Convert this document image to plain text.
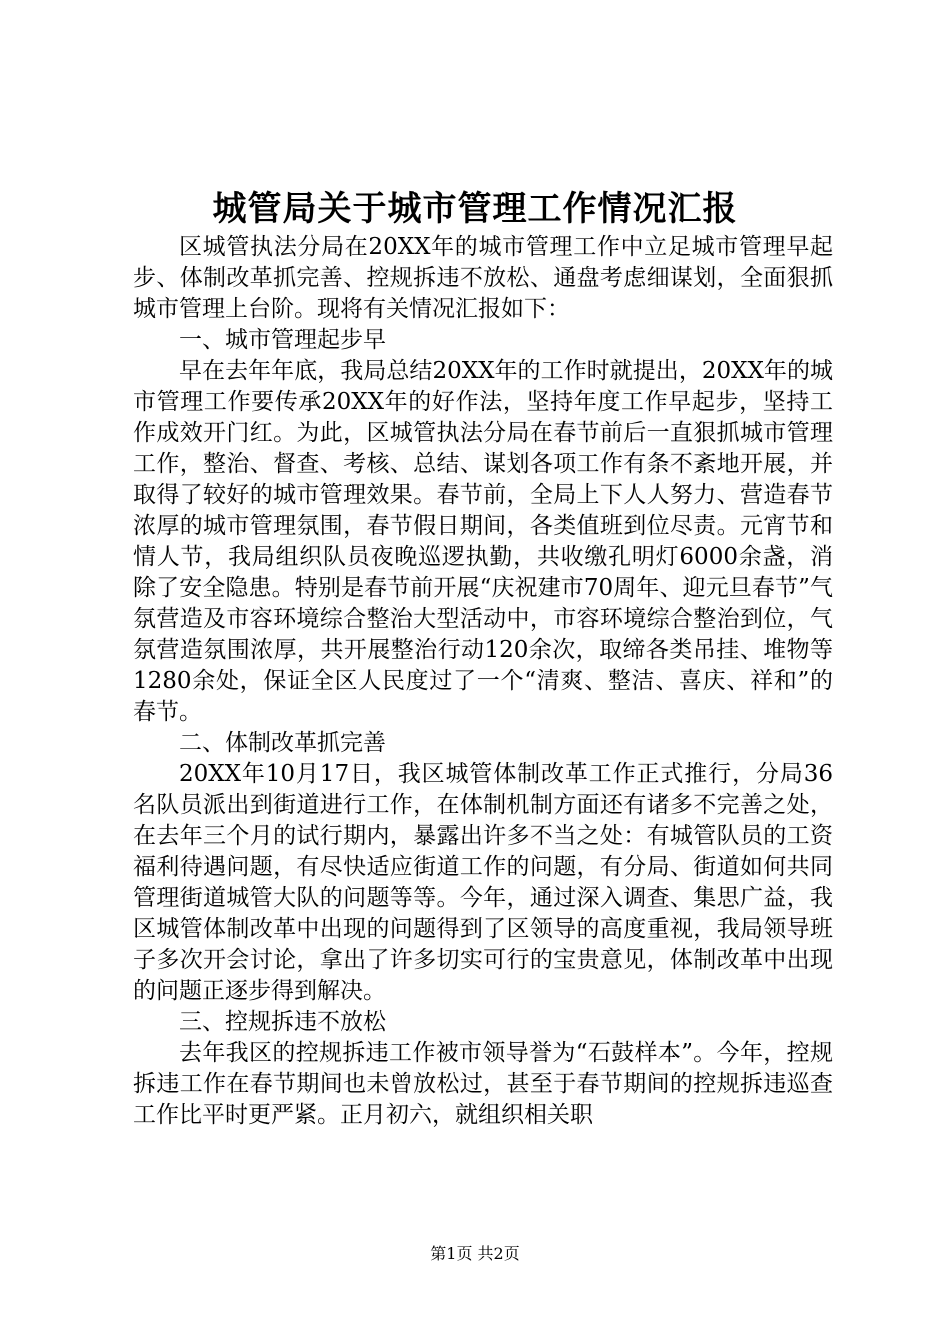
城管局关于城市管理工作情况汇报

区城管执法分局在20XX年的城市管理工作中立足城市管理早起步、体制改革抓完善、控规拆违不放松、通盘考虑细谋划，全面狠抓城市管理上台阶。现将有关情况汇报如下：

一、城市管理起步早

早在去年年底，我局总结20XX年的工作时就提出，20XX年的城市管理工作要传承20XX年的好作法，坚持年度工作早起步，坚持工作成效开门红。为此，区城管执法分局在春节前后一直狠抓城市管理工作，整治、督查、考核、总结、谋划各项工作有条不紊地开展，并取得了较好的城市管理效果。春节前，全局上下人人努力、营造春节浓厚的城市管理氛围，春节假日期间，各类值班到位尽责。元宵节和情人节，我局组织队员夜晚巡逻执勤，共收缴孔明灯6000余盏，消除了安全隐患。特别是春节前开展“庆祝建市70周年、迎元旦春节”气氛营造及市容环境综合整治大型活动中，市容环境综合整治到位，气氛营造氛围浓厚，共开展整治行动120余次，取缔各类吊挂、堆物等1280余处，保证全区人民度过了一个“清爽、整洁、喜庆、祥和”的春节。

二、体制改革抓完善

20XX年10月17日，我区城管体制改革工作正式推行，分局36名队员派出到街道进行工作，在体制机制方面还有诸多不完善之处，在去年三个月的试行期内，暴露出许多不当之处：有城管队员的工资福利待遇问题，有尽快适应街道工作的问题，有分局、街道如何共同管理街道城管大队的问题等等。今年，通过深入调查、集思广益，我区城管体制改革中出现的问题得到了区领导的高度重视，我局领导班子多次开会讨论，拿出了许多切实可行的宝贵意见，体制改革中出现的问题正逐步得到解决。

三、控规拆违不放松

去年我区的控规拆违工作被市领导誉为“石鼓样本”。今年，控规拆违工作在春节期间也未曾放松过，甚至于春节期间的控规拆违巡查工作比平时更严紧。正月初六，就组织相关职

第1页 共2页
